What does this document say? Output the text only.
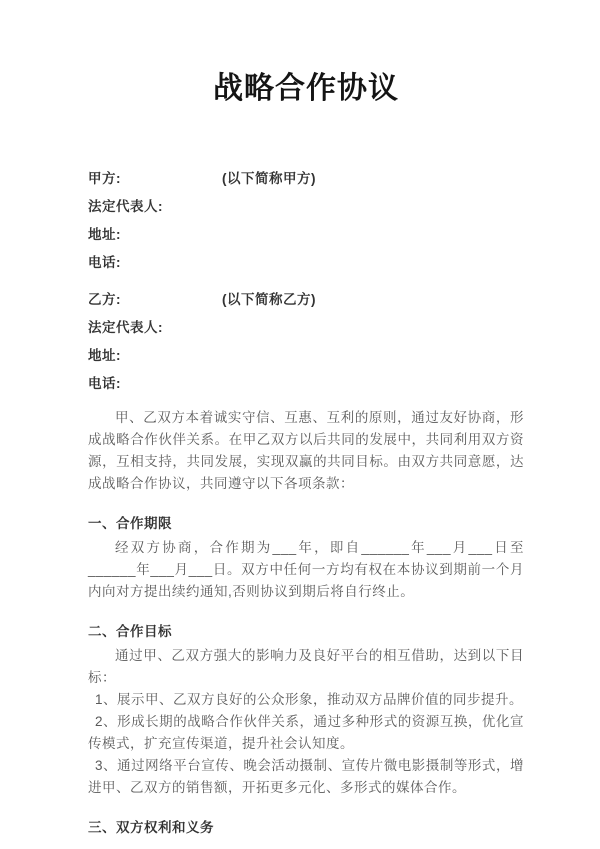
战略合作协议
甲方:	(以下简称甲方)
法定代表人:
地址:
电话:
乙方:	(以下简称乙方)
法定代表人:
地址:
电话:

甲、乙双方本着诚实守信、互惠、互利的原则，通过友好协商，形成战略合作伙伴关系。在甲乙双方以后共同的发展中，共同利用双方资源，互相支持，共同发展，实现双赢的共同目标。由双方共同意愿，达成战略合作协议，共同遵守以下各项条款：

一、合作期限

经双方协商，合作期为___年，即自______年___月___日至______年___月___日。双方中任何一方均有权在本协议到期前一个月内向对方提出续约通知,否则协议到期后将自行终止。

二、合作目标

通过甲、乙双方强大的影响力及良好平台的相互借助，达到以下目标：

1、展示甲、乙双方良好的公众形象，推动双方品牌价值的同步提升。

2、形成长期的战略合作伙伴关系，通过多种形式的资源互换，优化宣传模式，扩充宣传渠道，提升社会认知度。

3、通过网络平台宣传、晚会活动摄制、宣传片微电影摄制等形式，增进甲、乙双方的销售额，开拓更多元化、多形式的媒体合作。

三、双方权利和义务
